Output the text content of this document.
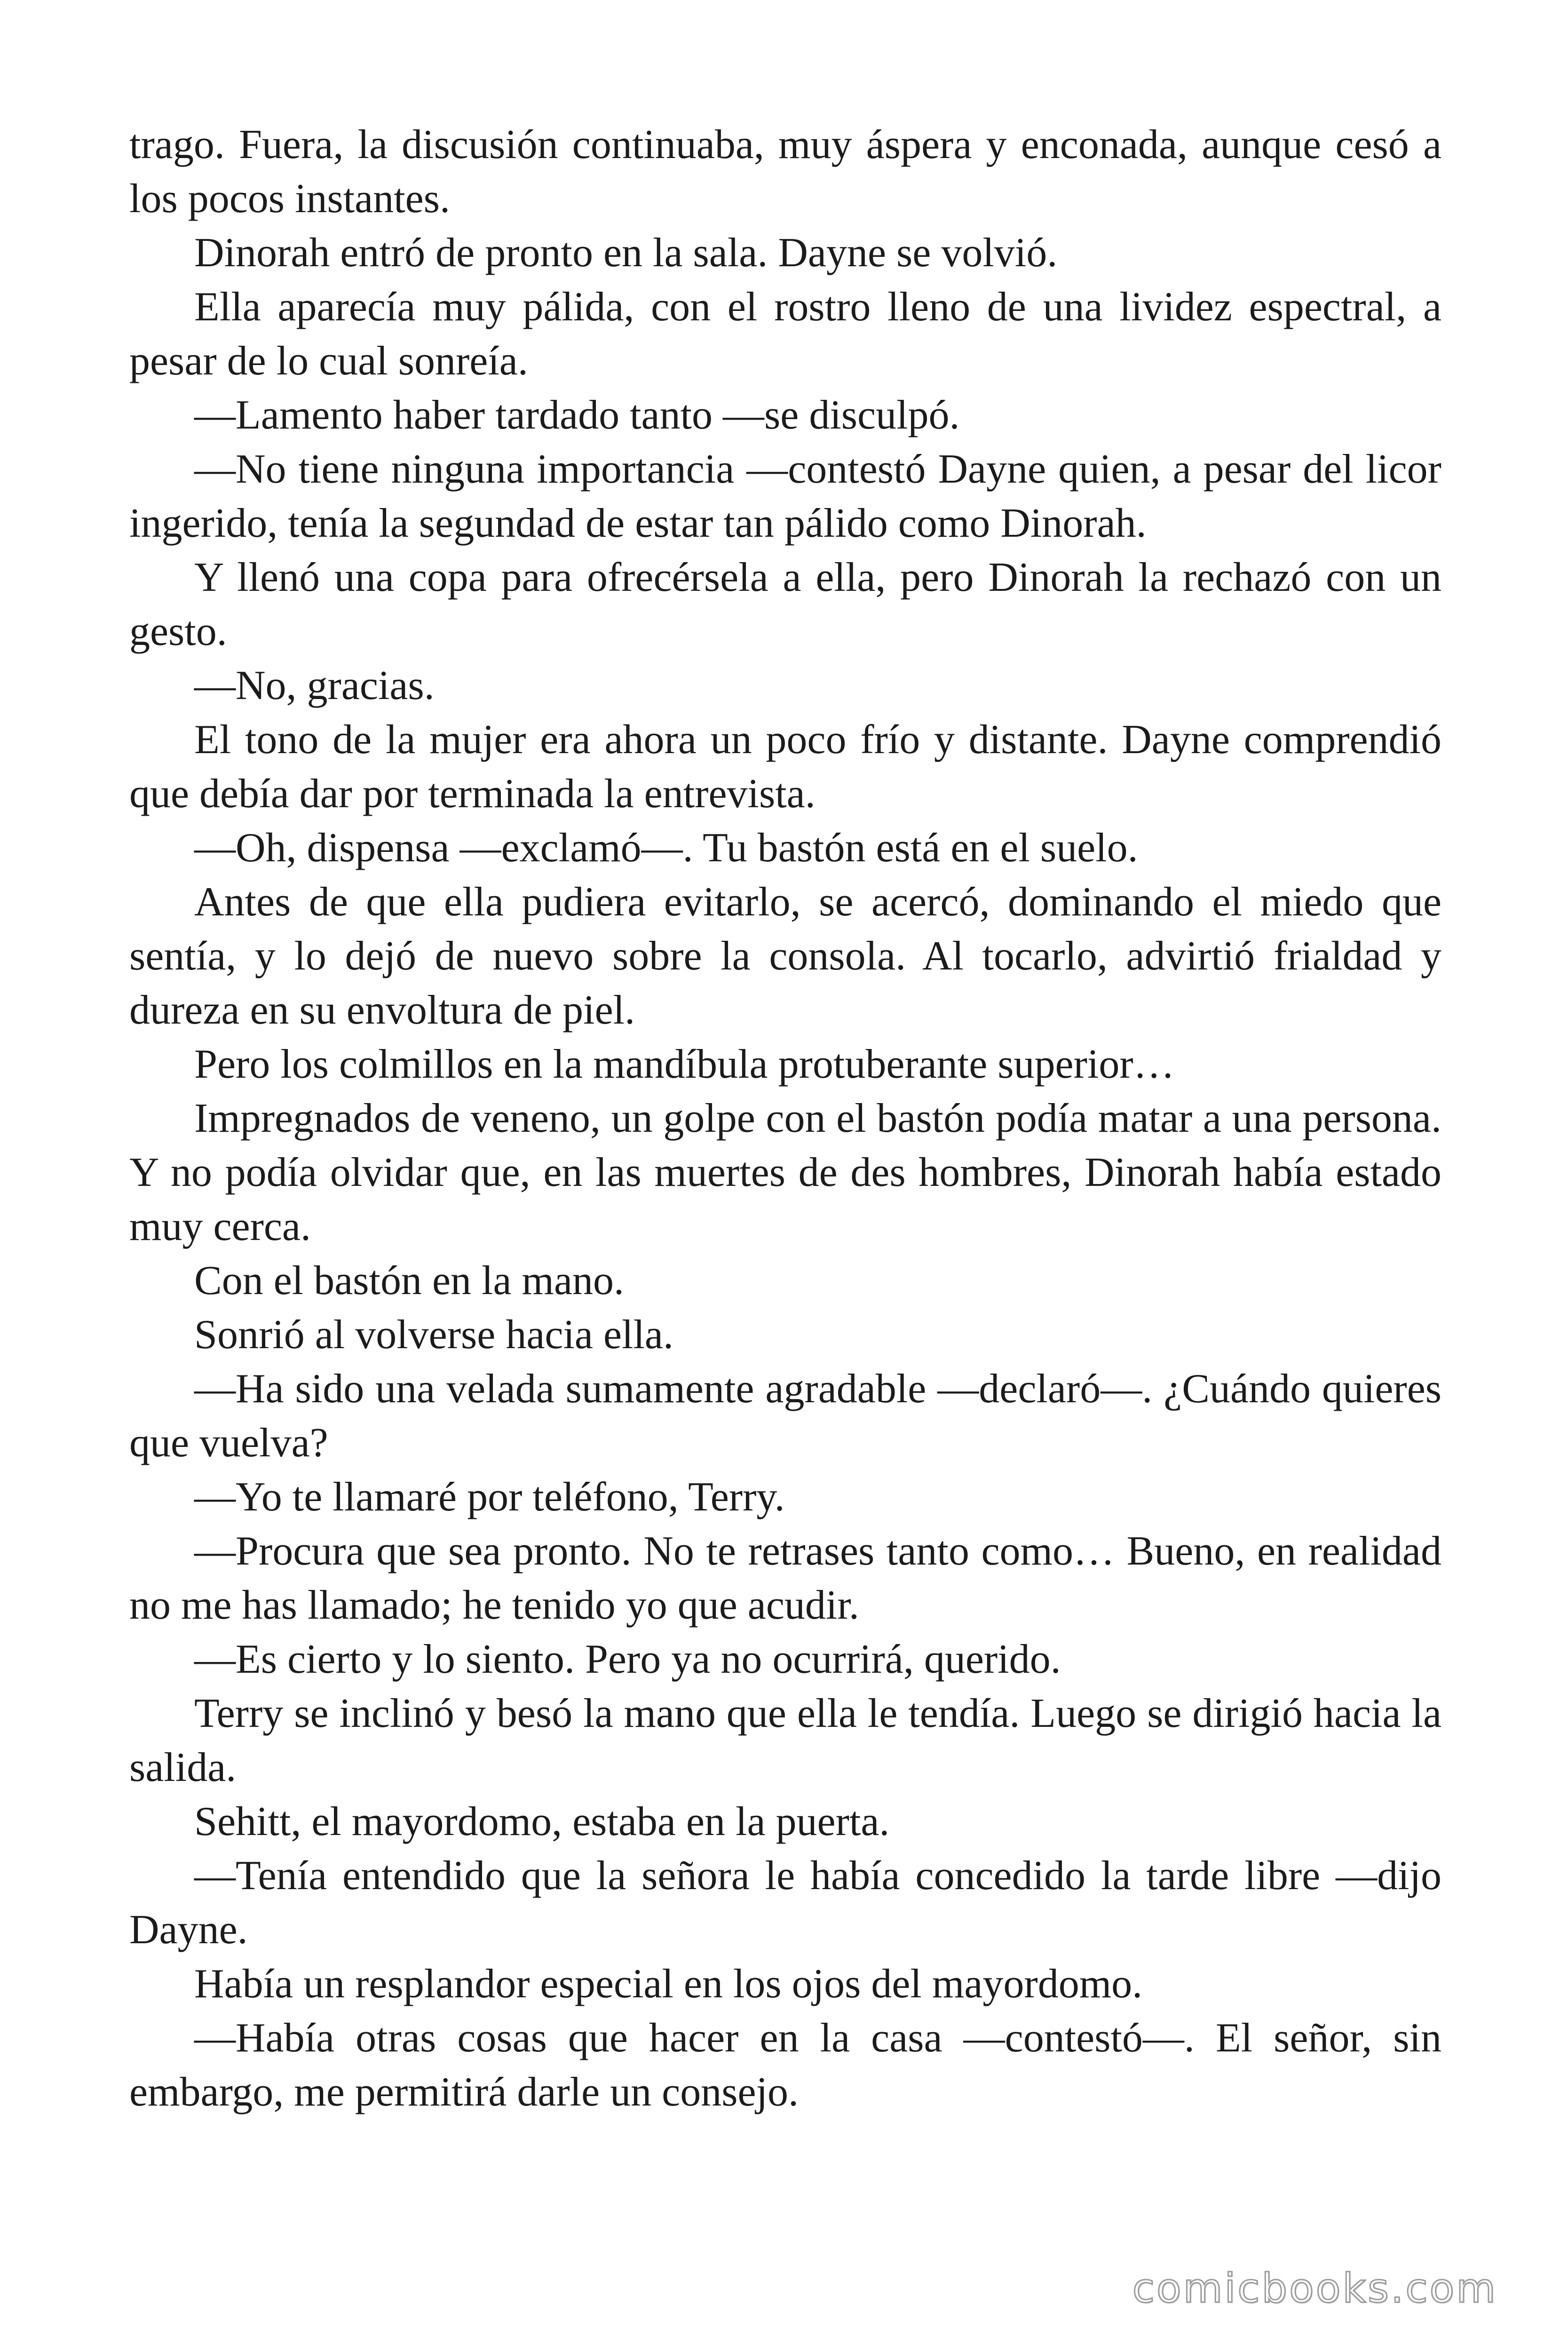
trago. Fuera, la discusión continuaba, muy áspera y enconada, aunque cesó a los pocos instantes.

Dinorah entró de pronto en la sala. Dayne se volvió.

Ella aparecía muy pálida, con el rostro lleno de una lividez espectral, a pesar de lo cual sonreía.

—Lamento haber tardado tanto —se disculpó.

—No tiene ninguna importancia —contestó Dayne quien, a pesar del licor ingerido, tenía la segundad de estar tan pálido como Dinorah.

Y llenó una copa para ofrecérsela a ella, pero Dinorah la rechazó con un gesto.

—No, gracias.

El tono de la mujer era ahora un poco frío y distante. Dayne comprendió que debía dar por terminada la entrevista.

—Oh, dispensa —exclamó—. Tu bastón está en el suelo.

Antes de que ella pudiera evitarlo, se acercó, dominando el miedo que sentía, y lo dejó de nuevo sobre la consola. Al tocarlo, advirtió frialdad y dureza en su envoltura de piel.

Pero los colmillos en la mandíbula protuberante superior…

Impregnados de veneno, un golpe con el bastón podía matar a una persona. Y no podía olvidar que, en las muertes de des hombres, Dinorah había estado muy cerca.

Con el bastón en la mano.

Sonrió al volverse hacia ella.

—Ha sido una velada sumamente agradable —declaró—. ¿Cuándo quieres que vuelva?

—Yo te llamaré por teléfono, Terry.

—Procura que sea pronto. No te retrases tanto como… Bueno, en realidad no me has llamado; he tenido yo que acudir.

—Es cierto y lo siento. Pero ya no ocurrirá, querido.

Terry se inclinó y besó la mano que ella le tendía. Luego se dirigió hacia la salida.

Sehitt, el mayordomo, estaba en la puerta.

—Tenía entendido que la señora le había concedido la tarde libre —dijo Dayne.

Había un resplandor especial en los ojos del mayordomo.

—Había otras cosas que hacer en la casa —contestó—. El señor, sin embargo, me permitirá darle un consejo.

comicbooks.com
